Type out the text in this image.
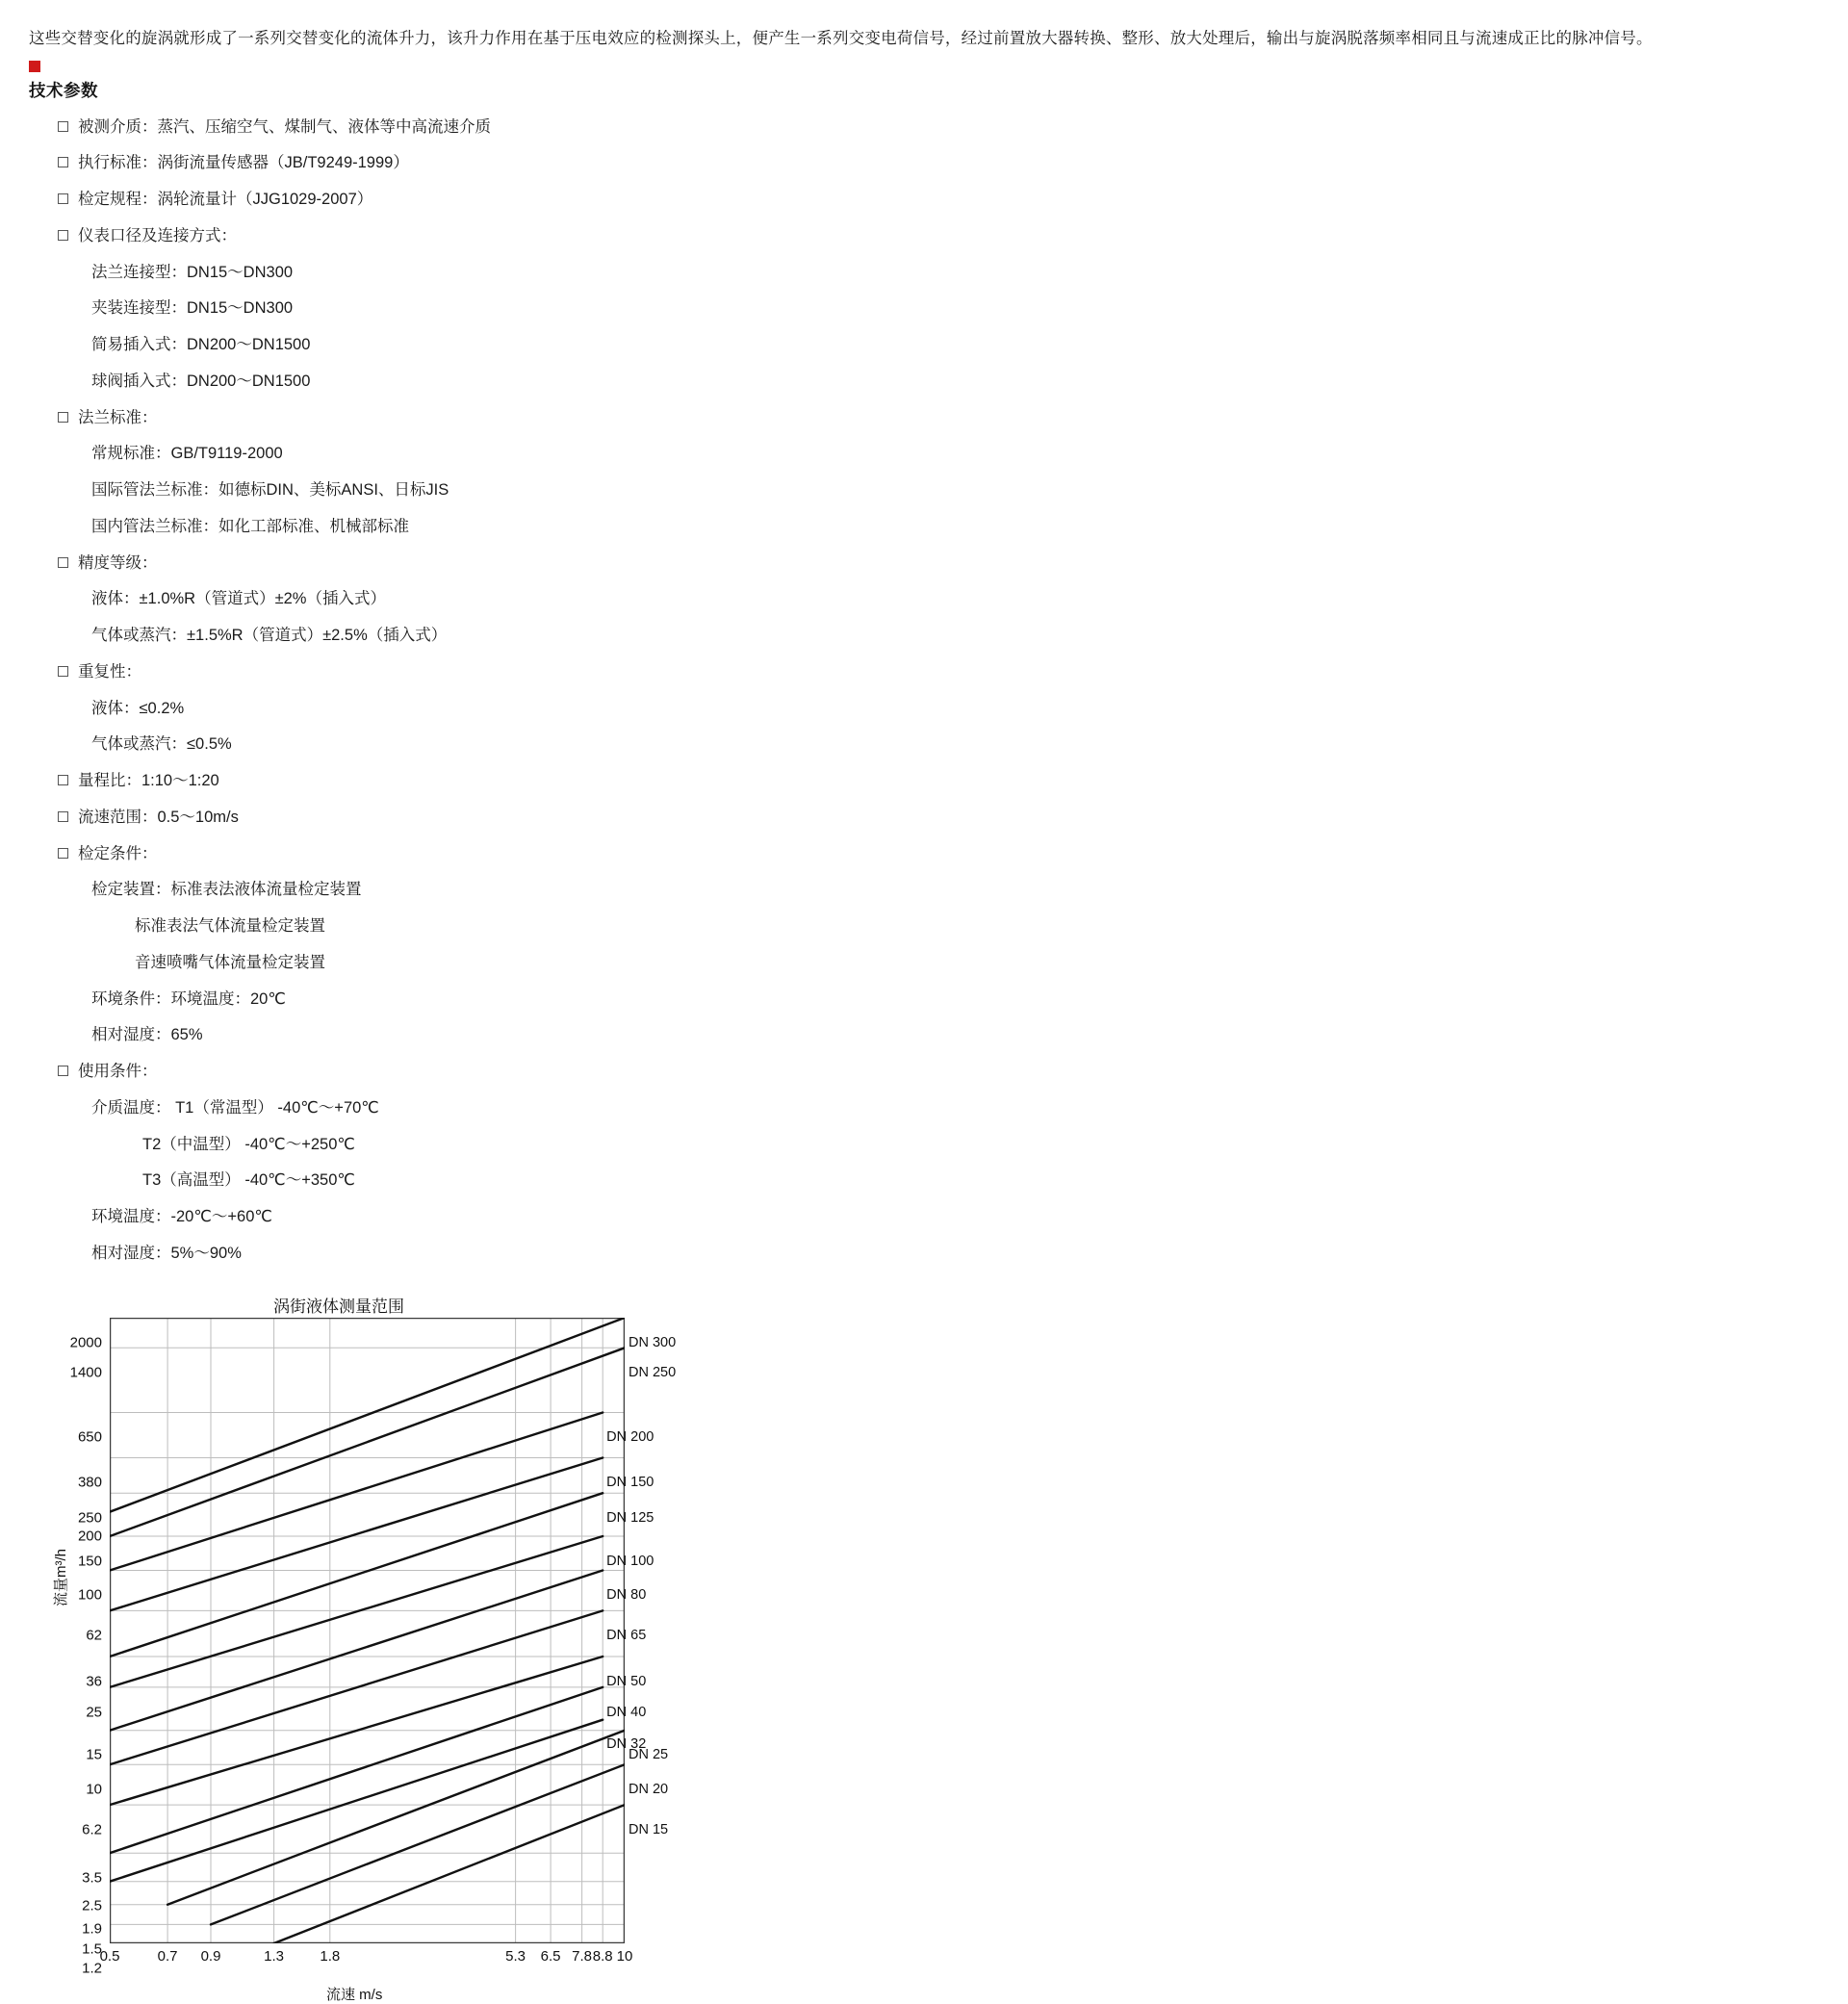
这些交替变化的旋涡就形成了一系列交替变化的流体升力，该升力作用在基于压电效应的检测探头上，便产生一系列交变电荷信号，经过前置放大器转换、整形、放大处理后，输出与旋涡脱落频率相同且与流速成正比的脉冲信号。

技术参数
被测介质：蒸汽、压缩空气、煤制气、液体等中高流速介质
执行标准：涡街流量传感器（JB/T9249-1999）
检定规程：涡轮流量计（JJG1029-2007）
仪表口径及连接方式：
法兰连接型：DN15～DN300
夹装连接型：DN15～DN300
简易插入式：DN200～DN1500
球阀插入式：DN200～DN1500
法兰标准：
常规标准：GB/T9119-2000
国际管法兰标准：如德标DIN、美标ANSI、日标JIS
国内管法兰标准：如化工部标准、机械部标准
精度等级：
液体：±1.0%R（管道式）±2%（插入式）
气体或蒸汽：±1.5%R（管道式）±2.5%（插入式）
重复性：
液体：≤0.2%
气体或蒸汽：≤0.5%
量程比：1:10～1:20
流速范围：0.5～10m/s
检定条件：
检定装置：标准表法液体流量检定装置
标准表法气体流量检定装置
音速喷嘴气体流量检定装置
环境条件：环境温度：20℃
相对湿度：65%
使用条件：
介质温度： T1（常温型） -40℃～+70℃
T2（中温型） -40℃～+250℃
T3（高温型） -40℃～+350℃
环境温度：-20℃～+60℃
相对湿度：5%～90%
涡街液体测量范围
流量m³/h
流速 m/s
2000
1400
650
380
250
200
150
100
62
36
25
15
10
6.2
3.5
2.5
1.9
1.5
1.2
0.5	0.7 0.9	1.3 1.8	5.3 6.5 7.8 8.8 10
DN 300
DN 250
DN 200
DN 150
DN 125
DN 100
DN 80
DN 65
DN 50
DN 40
DN 32
DN 25
DN 20
DN 15
